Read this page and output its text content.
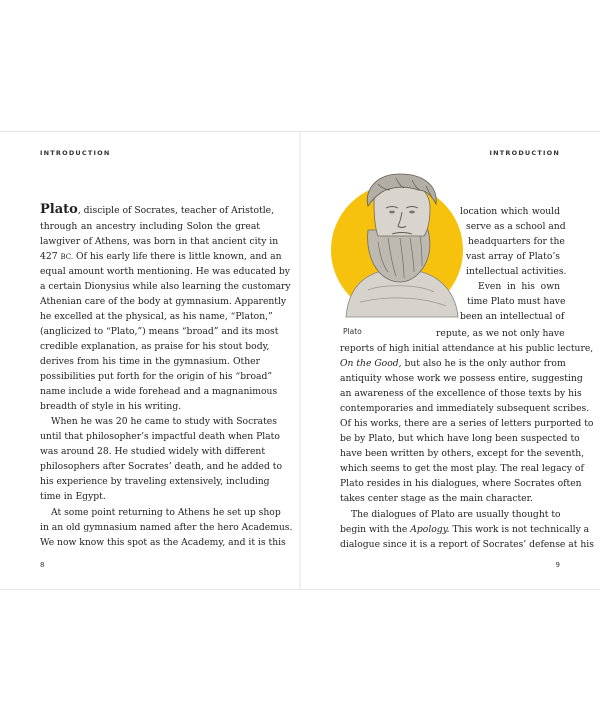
INTRODUCTION	INTRODUCTION
Plato, disciple of Socrates, teacher of Aristotle,
through an ancestry including Solon the great
lawgiver of Athens, was born in that ancient city in
427 BC. Of his early life there is little known, and an
equal amount worth mentioning. He was educated by
a certain Dionysius while also learning the customary
Athenian care of the body at gymnasium. Apparently
he excelled at the physical, as his name, “Platon,”
(anglicized to “Plato,”) means “broad” and its most
credible explanation, as praise for his stout body,
derives from his time in the gymnasium. Other
possibilities put forth for the origin of his “broad”
name include a wide forehead and a magnanimous
breadth of style in his writing.
When he was 20 he came to study with Socrates
until that philosopher’s impactful death when Plato
was around 28. He studied widely with different
philosophers after Socrates’ death, and he added to
his experience by traveling extensively, including
time in Egypt.
At some point returning to Athens he set up shop
in an old gymnasium named after the hero Academus.
We now know this spot as the Academy, and it is this
Plato
location which would
serve as a school and
headquarters for the
vast array of Plato’s
intellectual activities.
Even in his own
time Plato must have
been an intellectual of
repute, as we not only have
reports of high initial attendance at his public lecture,
On the Good, but also he is the only author from
antiquity whose work we possess entire, suggesting
an awareness of the excellence of those texts by his
contemporaries and immediately subsequent scribes.
Of his works, there are a series of letters purported to
be by Plato, but which have long been suspected to
have been written by others, except for the seventh,
which seems to get the most play. The real legacy of
Plato resides in his dialogues, where Socrates often
takes center stage as the main character.
The dialogues of Plato are usually thought to
begin with the Apology. This work is not technically a
dialogue since it is a report of Socrates’ defense at his
8	9
